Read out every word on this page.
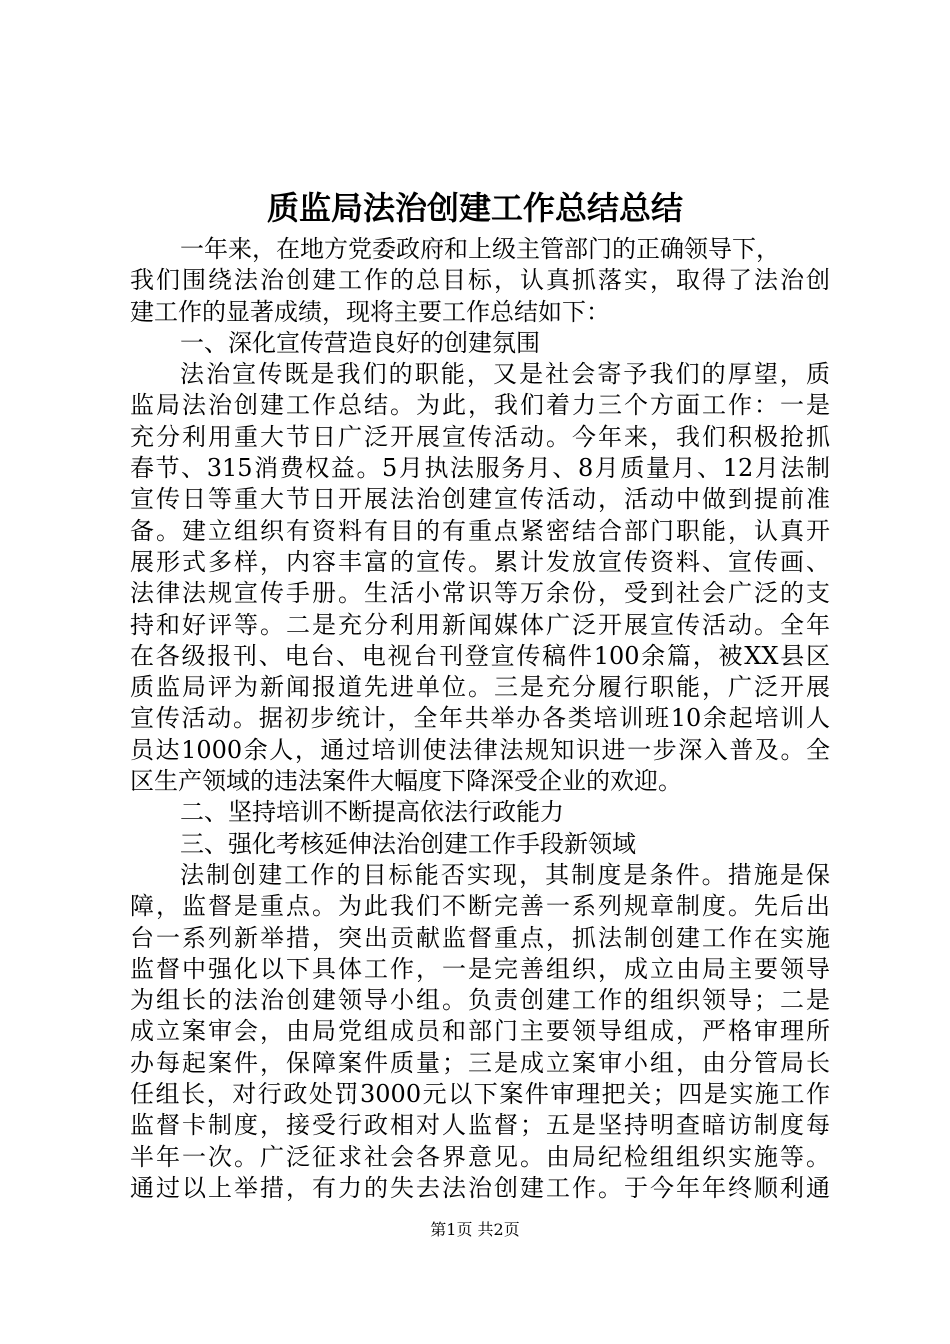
质监局法治创建工作总结总结
一年来，在地方党委政府和上级主管部门的正确领导下，
我们围绕法治创建工作的总目标，认真抓落实，取得了法治创
建工作的显著成绩，现将主要工作总结如下：
一、深化宣传营造良好的创建氛围
法治宣传既是我们的职能，又是社会寄予我们的厚望，质
监局法治创建工作总结。为此，我们着力三个方面工作：一是
充分利用重大节日广泛开展宣传活动。今年来，我们积极抢抓
春节、315消费权益。5月执法服务月、8月质量月、12月法制
宣传日等重大节日开展法治创建宣传活动，活动中做到提前准
备。建立组织有资料有目的有重点紧密结合部门职能，认真开
展形式多样，内容丰富的宣传。累计发放宣传资料、宣传画、
法律法规宣传手册。生活小常识等万余份，受到社会广泛的支
持和好评等。二是充分利用新闻媒体广泛开展宣传活动。全年
在各级报刊、电台、电视台刊登宣传稿件100余篇，被XX县区
质监局评为新闻报道先进单位。三是充分履行职能，广泛开展
宣传活动。据初步统计，全年共举办各类培训班10余起培训人
员达1000余人，通过培训使法律法规知识进一步深入普及。全
区生产领域的违法案件大幅度下降深受企业的欢迎。
二、坚持培训不断提高依法行政能力
三、强化考核延伸法治创建工作手段新领域
法制创建工作的目标能否实现，其制度是条件。措施是保
障，监督是重点。为此我们不断完善一系列规章制度。先后出
台一系列新举措，突出贡献监督重点，抓法制创建工作在实施
监督中强化以下具体工作，一是完善组织，成立由局主要领导
为组长的法治创建领导小组。负责创建工作的组织领导；二是
成立案审会，由局党组成员和部门主要领导组成，严格审理所
办每起案件，保障案件质量；三是成立案审小组，由分管局长
任组长，对行政处罚3000元以下案件审理把关；四是实施工作
监督卡制度，接受行政相对人监督；五是坚持明查暗访制度每
半年一次。广泛征求社会各界意见。由局纪检组组织实施等。
通过以上举措，有力的失去法治创建工作。于今年年终顺利通
第1页 共2页
